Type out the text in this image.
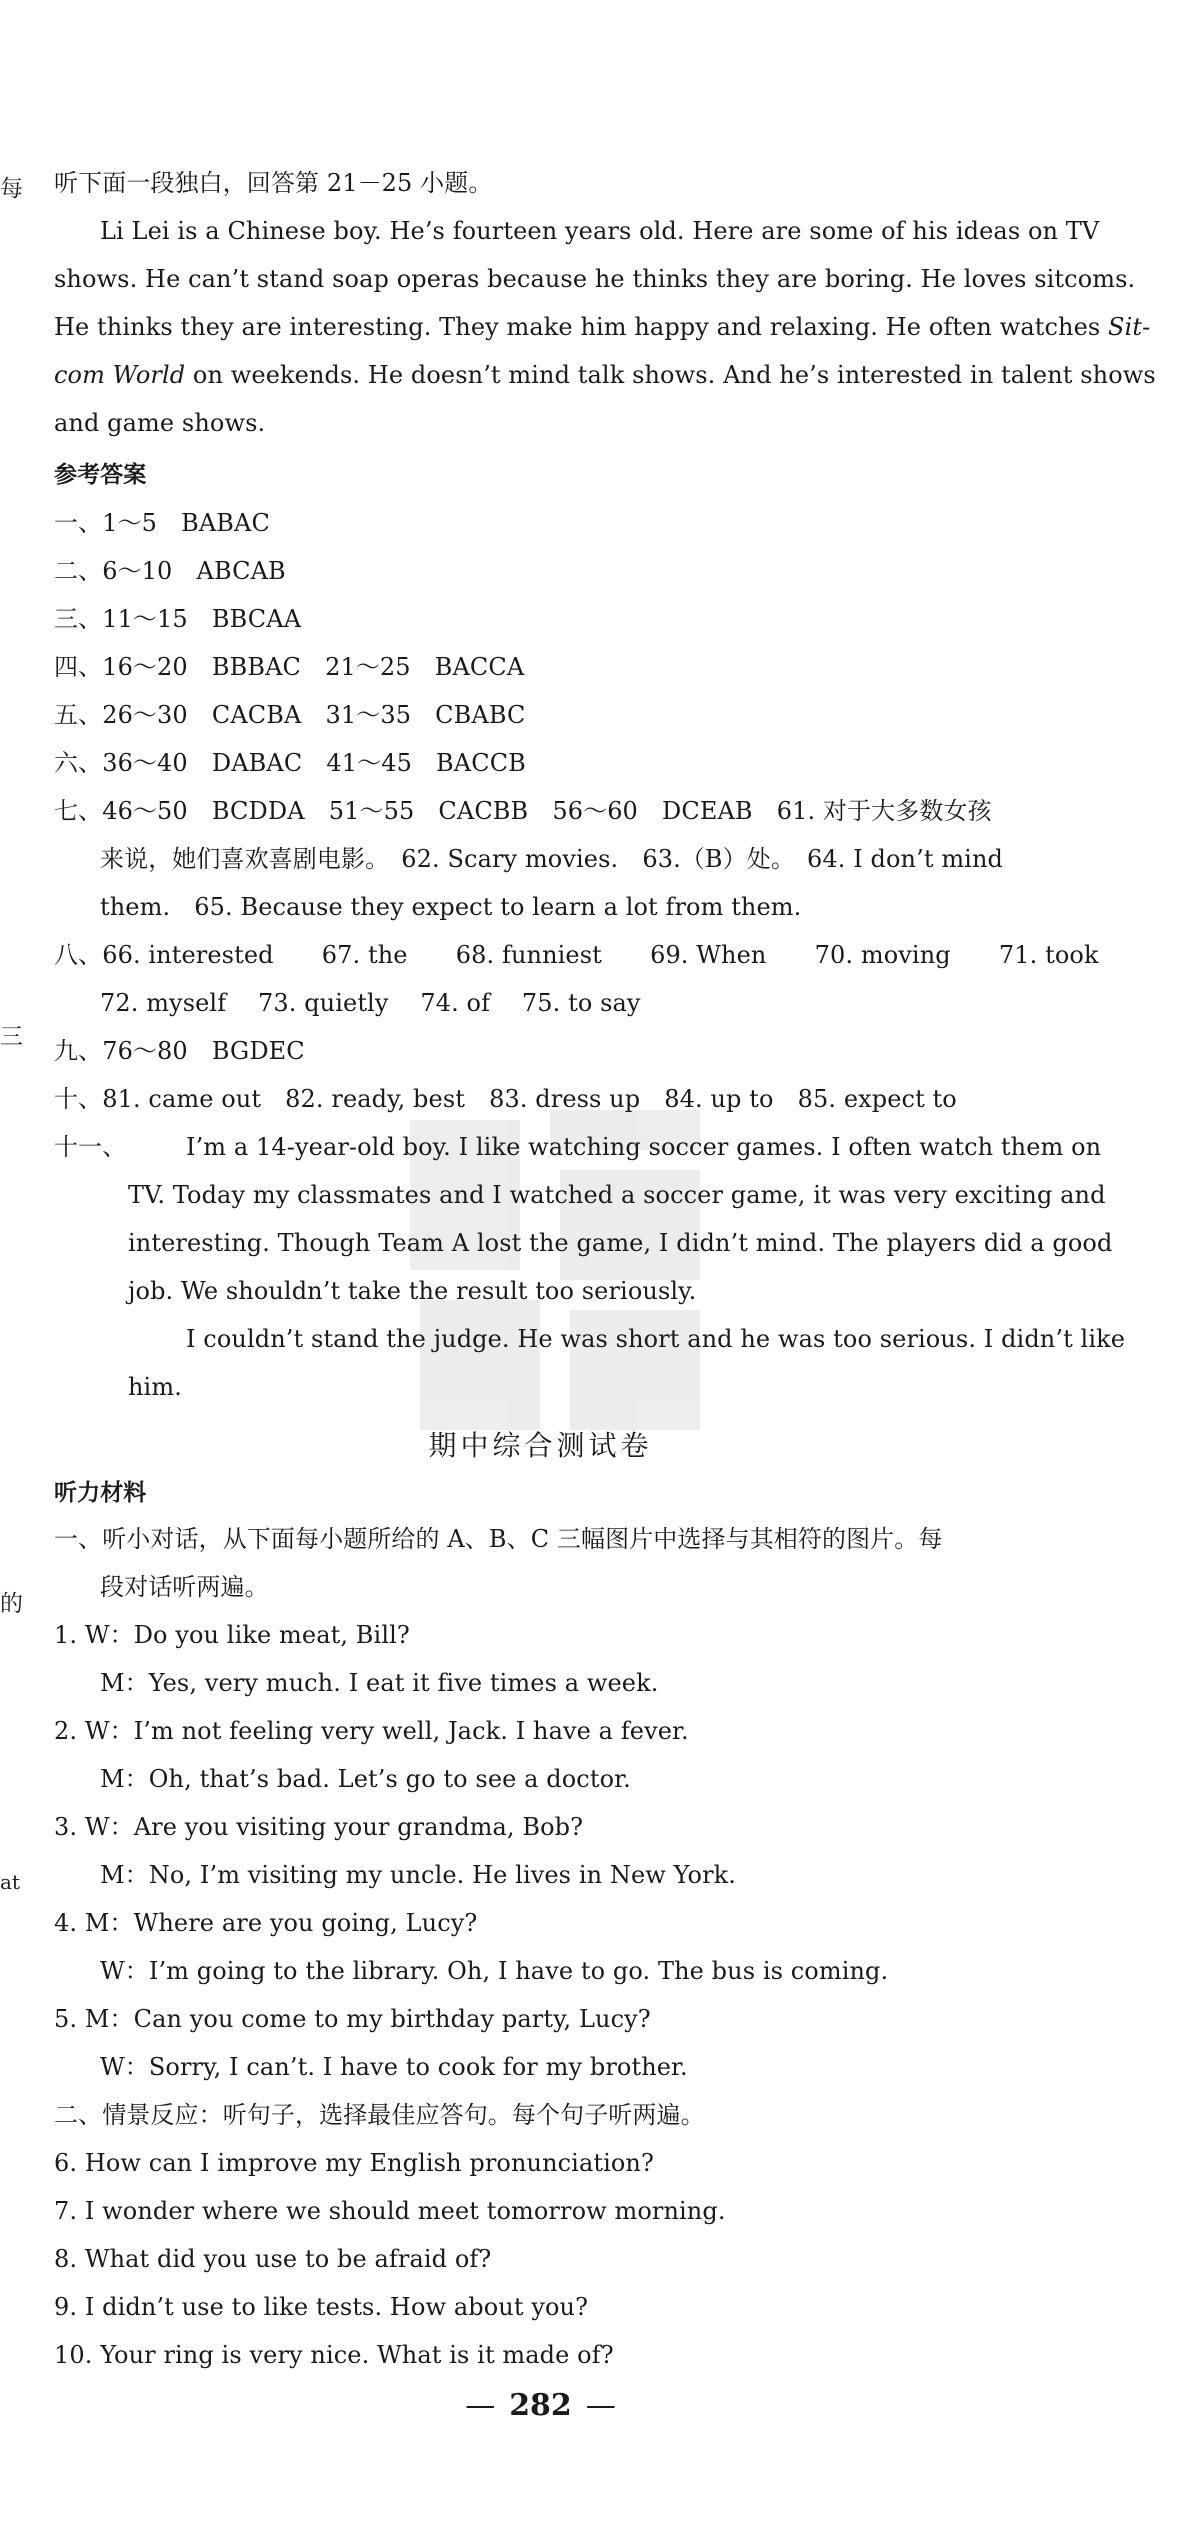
每
三
的
at
听下面一段独白，回答第 21－25 小题。
Li Lei is a Chinese boy. He’s fourteen years old. Here are some of his ideas on TV
shows. He can’t stand soap operas because he thinks they are boring. He loves sitcoms.
He thinks they are interesting. They make him happy and relaxing. He often watches Sit-
com World on weekends. He doesn’t mind talk shows. And he’s interested in talent shows
and game shows.
参考答案
一、1～5　BABAC
二、6～10　ABCAB
三、11～15　BBCAA
四、16～20　BBBAC　21～25　BACCA
五、26～30　CACBA　31～35　CBABC
六、36～40　DABAC　41～45　BACCB
七、46～50　BCDDA　51～55　CACBB　56～60　DCEAB　61. 对于大多数女孩
来说，她们喜欢喜剧电影。　62. Scary movies.　63.（B）处。　64. I don’t mind
them.　65. Because they expect to learn a lot from them.
八、66. interested　　67. the　　68. funniest　　69. When　　70. moving　　71. took
72. myself　 73. quietly　 74. of　 75. to say
九、76～80　BGDEC
十、81. came out　82. ready, best　83. dress up　84. up to　85. expect to
十一、	I’m a 14-year-old boy. I like watching soccer games. I often watch them on
TV. Today my classmates and I watched a soccer game, it was very exciting and
interesting. Though Team A lost the game, I didn’t mind. The players did a good
job. We shouldn’t take the result too seriously.
I couldn’t stand the judge. He was short and he was too serious. I didn’t like
him.
期中综合测试卷
听力材料
一、听小对话，从下面每小题所给的 A、B、C 三幅图片中选择与其相符的图片。每
段对话听两遍。
1. W：Do you like meat, Bill?
M：Yes, very much. I eat it five times a week.
2. W：I’m not feeling very well, Jack. I have a fever.
M：Oh, that’s bad. Let’s go to see a doctor.
3. W：Are you visiting your grandma, Bob?
M：No, I’m visiting my uncle. He lives in New York.
4. M：Where are you going, Lucy?
W：I’m going to the library. Oh, I have to go. The bus is coming.
5. M：Can you come to my birthday party, Lucy?
W：Sorry, I can’t. I have to cook for my brother.
二、情景反应：听句子，选择最佳应答句。每个句子听两遍。
6. How can I improve my English pronunciation?
7. I wonder where we should meet tomorrow morning.
8. What did you use to be afraid of?
9. I didn’t use to like tests. How about you?
10. Your ring is very nice. What is it made of?
— 282 —
